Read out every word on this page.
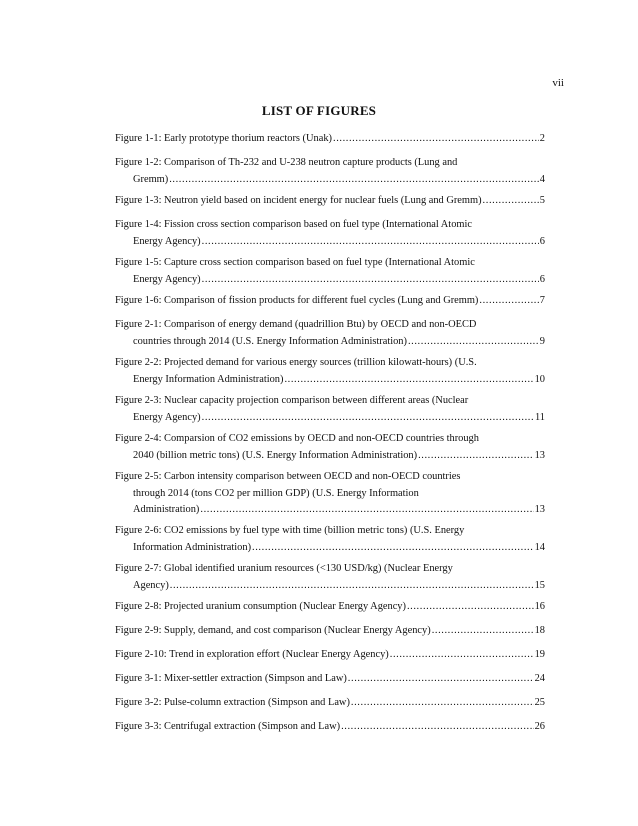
vii
LIST OF FIGURES
Figure 1-1: Early prototype thorium reactors (Unak) .....	2
Figure 1-2: Comparison of Th-232 and U-238 neutron capture products (Lung and
Gremm) .....	4
Figure 1-3: Neutron yield based on incident energy for nuclear fuels (Lung and Gremm) .....	5
Figure 1-4: Fission cross section comparison based on fuel type (International Atomic
Energy Agency) .....	6
Figure 1-5: Capture cross section comparison based on fuel type (International Atomic
Energy Agency) .....	6
Figure 1-6: Comparison of fission products for different fuel cycles (Lung and Gremm) .....	7
Figure 2-1: Comparison of energy demand (quadrillion Btu) by OECD and non-OECD
countries through 2014 (U.S. Energy Information Administration) .....	9
Figure 2-2: Projected demand for various energy sources (trillion kilowatt-hours) (U.S.
Energy Information Administration) .....	10
Figure 2-3: Nuclear capacity projection comparison between different areas (Nuclear
Energy Agency) .....	11
Figure 2-4: Comparsion of CO2 emissions by OECD and non-OECD countries through
2040 (billion metric tons) (U.S. Energy Information Administration) .....	13
Figure 2-5: Carbon intensity comparison between OECD and non-OECD countries
through 2014 (tons CO2 per million GDP) (U.S. Energy Information
Administration) .....	13
Figure 2-6: CO2 emissions by fuel type with time (billion metric tons) (U.S. Energy
Information Administration) .....	14
Figure 2-7: Global identified uranium resources (<130 USD/kg) (Nuclear Energy
Agency) .....	15
Figure 2-8: Projected uranium consumption (Nuclear Energy Agency) .....	16
Figure 2-9: Supply, demand, and cost comparison (Nuclear Energy Agency) .....	18
Figure 2-10: Trend in exploration effort (Nuclear Energy Agency) .....	19
Figure 3-1: Mixer-settler extraction (Simpson and Law) .....	24
Figure 3-2: Pulse-column extraction (Simpson and Law) .....	25
Figure 3-3: Centrifugal extraction (Simpson and Law) .....	26
